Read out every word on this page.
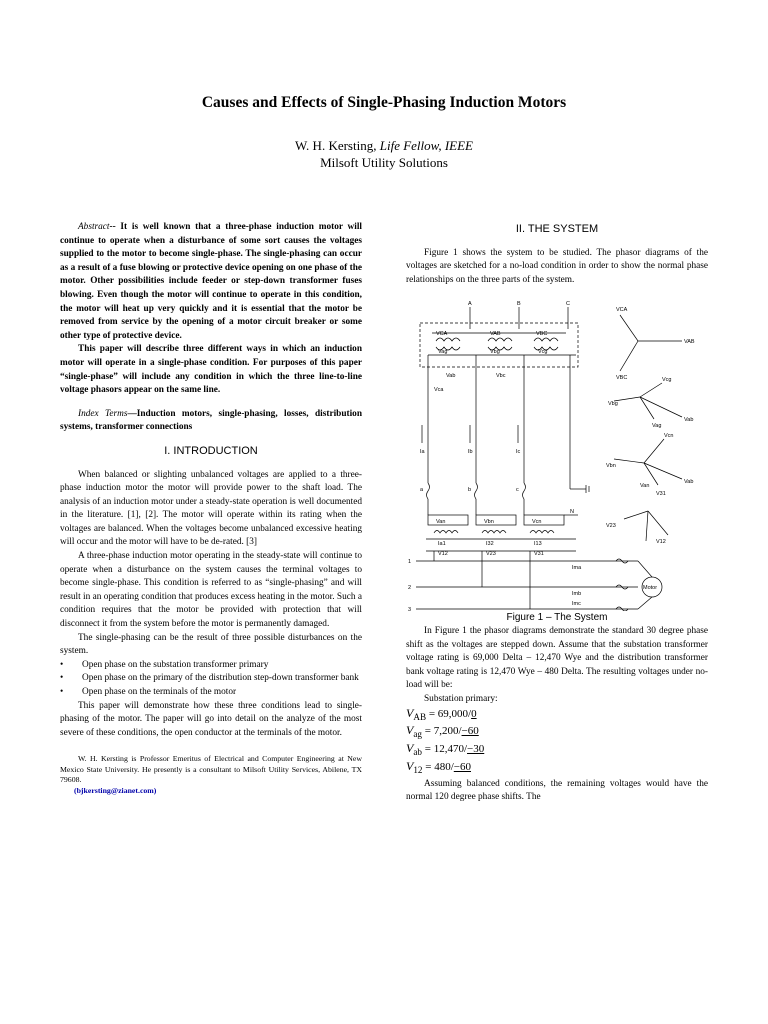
Causes and Effects of Single-Phasing Induction Motors
W. H. Kersting, Life Fellow, IEEE
Milsoft Utility Solutions

Abstract-- It is well known that a three-phase induction motor will continue to operate when a disturbance of some sort causes the voltages supplied to the motor to become single-phase. The single-phasing can occur as a result of a fuse blowing or protective device opening on one phase of the motor. Other possibilities include feeder or step-down transformer fuses blowing. Even though the motor will continue to operate in this condition, the motor will heat up very quickly and it is essential that the motor be removed from service by the opening of a motor circuit breaker or some other type of protective device.

This paper will describe three different ways in which an induction motor will operate in a single-phase condition. For purposes of this paper “single-phase” will include any condition in which the three line-to-line voltage phasors appear on the same line.

Index Terms—Induction motors, single-phasing, losses, distribution systems, transformer connections

I. INTRODUCTION

When balanced or slighting unbalanced voltages are applied to a three-phase induction motor the motor will provide power to the shaft load. The analysis of an induction motor under a steady-state operation is well documented in the literature. [1], [2]. The motor will operate within its rating when the voltages are balanced. When the voltages become unbalanced excessive heating will occur and the motor will have to be de-rated. [3]

A three-phase induction motor operating in the steady-state will continue to operate when a disturbance on the system causes the terminal voltages to become single-phase. This condition is referred to as “single-phasing” and will result in an operating condition that produces excess heating in the motor. Such a condition requires that the motor be provided with protection that will disconnect it from the system before the motor is permanently damaged.

The single-phasing can be the result of three possible disturbances on the system.

• Open phase on the substation transformer primary

• Open phase on the primary of the distribution step-down transformer bank

• Open phase on the terminals of the motor

This paper will demonstrate how these three conditions lead to single-phasing of the motor. The paper will go into detail on the analyze of the most severe of these conditions, the open conductor at the terminals of the motor.

W. H. Kersting is Professor Emeritus of Electrical and Computer Engineering at New Mexico State University. He presently is a consultant to Milsoft Utility Services, Abilene, TX 79608.

(bjkersting@zianet.com)

II. THE SYSTEM

Figure 1 shows the system to be studied. The phasor diagrams of the voltages are sketched for a no-load condition in order to show the normal phase relationships on the three parts of the system.

A	B	C
VCA	VAB	VBC
Vag	Vbg	Vcg
Vab	Vbc
Vca
Ia	Ib	Ic
a	b	c
Van	Vbn	Vcn
N
Ia1	I32	I13
V12	V23	V31
1
2
3
Ima
Imb
Imc
Motor
VCA
VAB
VBC	Vcg
Vab
Vbg
Vag
Vcn
Vbn
Vab
Van
V31
V23
V12

Figure 1 – The System

In Figure 1 the phasor diagrams demonstrate the standard 30 degree phase shift as the voltages are stepped down. Assume that the substation transformer voltage rating is 69,000 Delta – 12,470 Wye and the distribution transformer bank voltage rating is 12,470 Wye – 480 Delta. The resulting voltages under no-load will be:

Substation primary:

$V_{AB} = 69,000/0$

$V_{ag} = 7,200/-60$

$V_{ab} = 12,470/-30$

$V_{12} = 480/-60$

Assuming balanced conditions, the remaining voltages would have the normal 120 degree phase shifts. The
